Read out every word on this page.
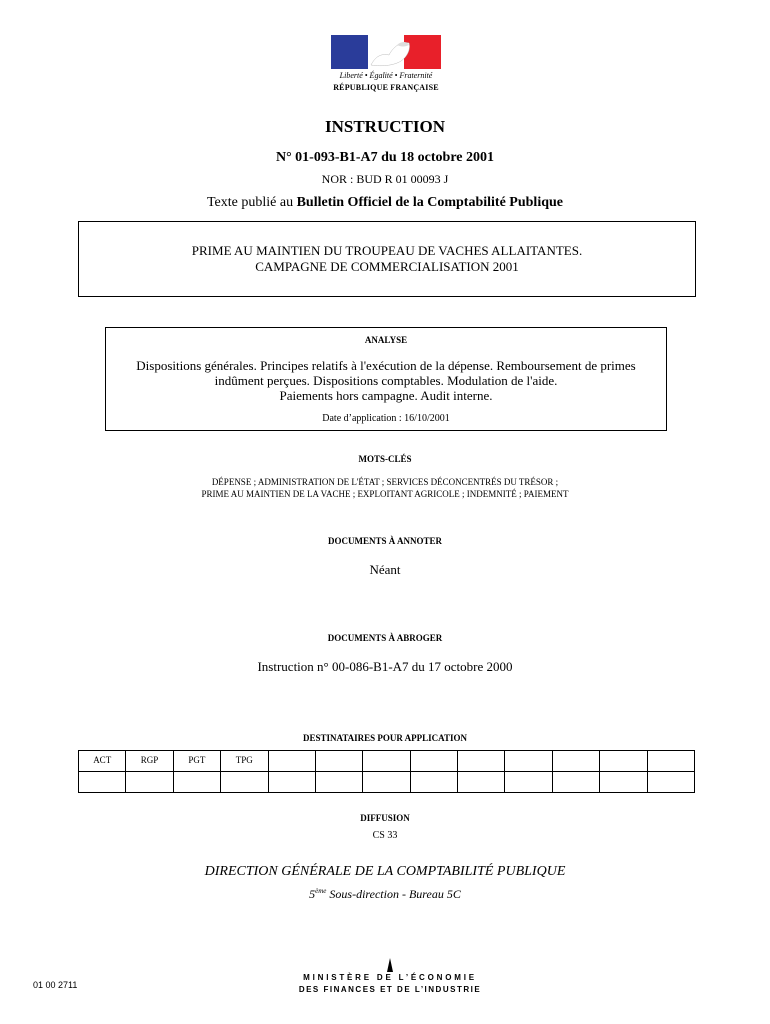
Liberté • Égalité • Fraternité
RÉPUBLIQUE FRANÇAISE
INSTRUCTION
N° 01-093-B1-A7 du 18 octobre 2001
NOR : BUD R 01 00093 J
Texte publié au Bulletin Officiel de la Comptabilité Publique
PRIME AU MAINTIEN DU TROUPEAU DE VACHES ALLAITANTES.
CAMPAGNE DE COMMERCIALISATION 2001
ANALYSE
Dispositions générales. Principes relatifs à l'exécution de la dépense. Remboursement de primes
indûment perçues. Dispositions comptables. Modulation de l'aide.
Paiements hors campagne. Audit interne.
Date d’application : 16/10/2001
MOTS-CLÉS
DÉPENSE ; ADMINISTRATION DE L'ÉTAT ; SERVICES DÉCONCENTRÉS DU TRÉSOR ;
PRIME AU MAINTIEN DE LA VACHE ; EXPLOITANT AGRICOLE ; INDEMNITÉ ; PAIEMENT
DOCUMENTS À ANNOTER
Néant
DOCUMENTS À ABROGER
Instruction n° 00-086-B1-A7 du 17 octobre 2000
DESTINATAIRES POUR APPLICATION
ACT	RGP	PGT	TPG									

DIFFUSION
CS 33
DIRECTION GÉNÉRALE DE LA COMPTABILITÉ PUBLIQUE
5ème Sous-direction - Bureau 5C
01 00 2711
MINISTÈRE DE L’ÉCONOMIE
DES FINANCES ET DE L’INDUSTRIE
